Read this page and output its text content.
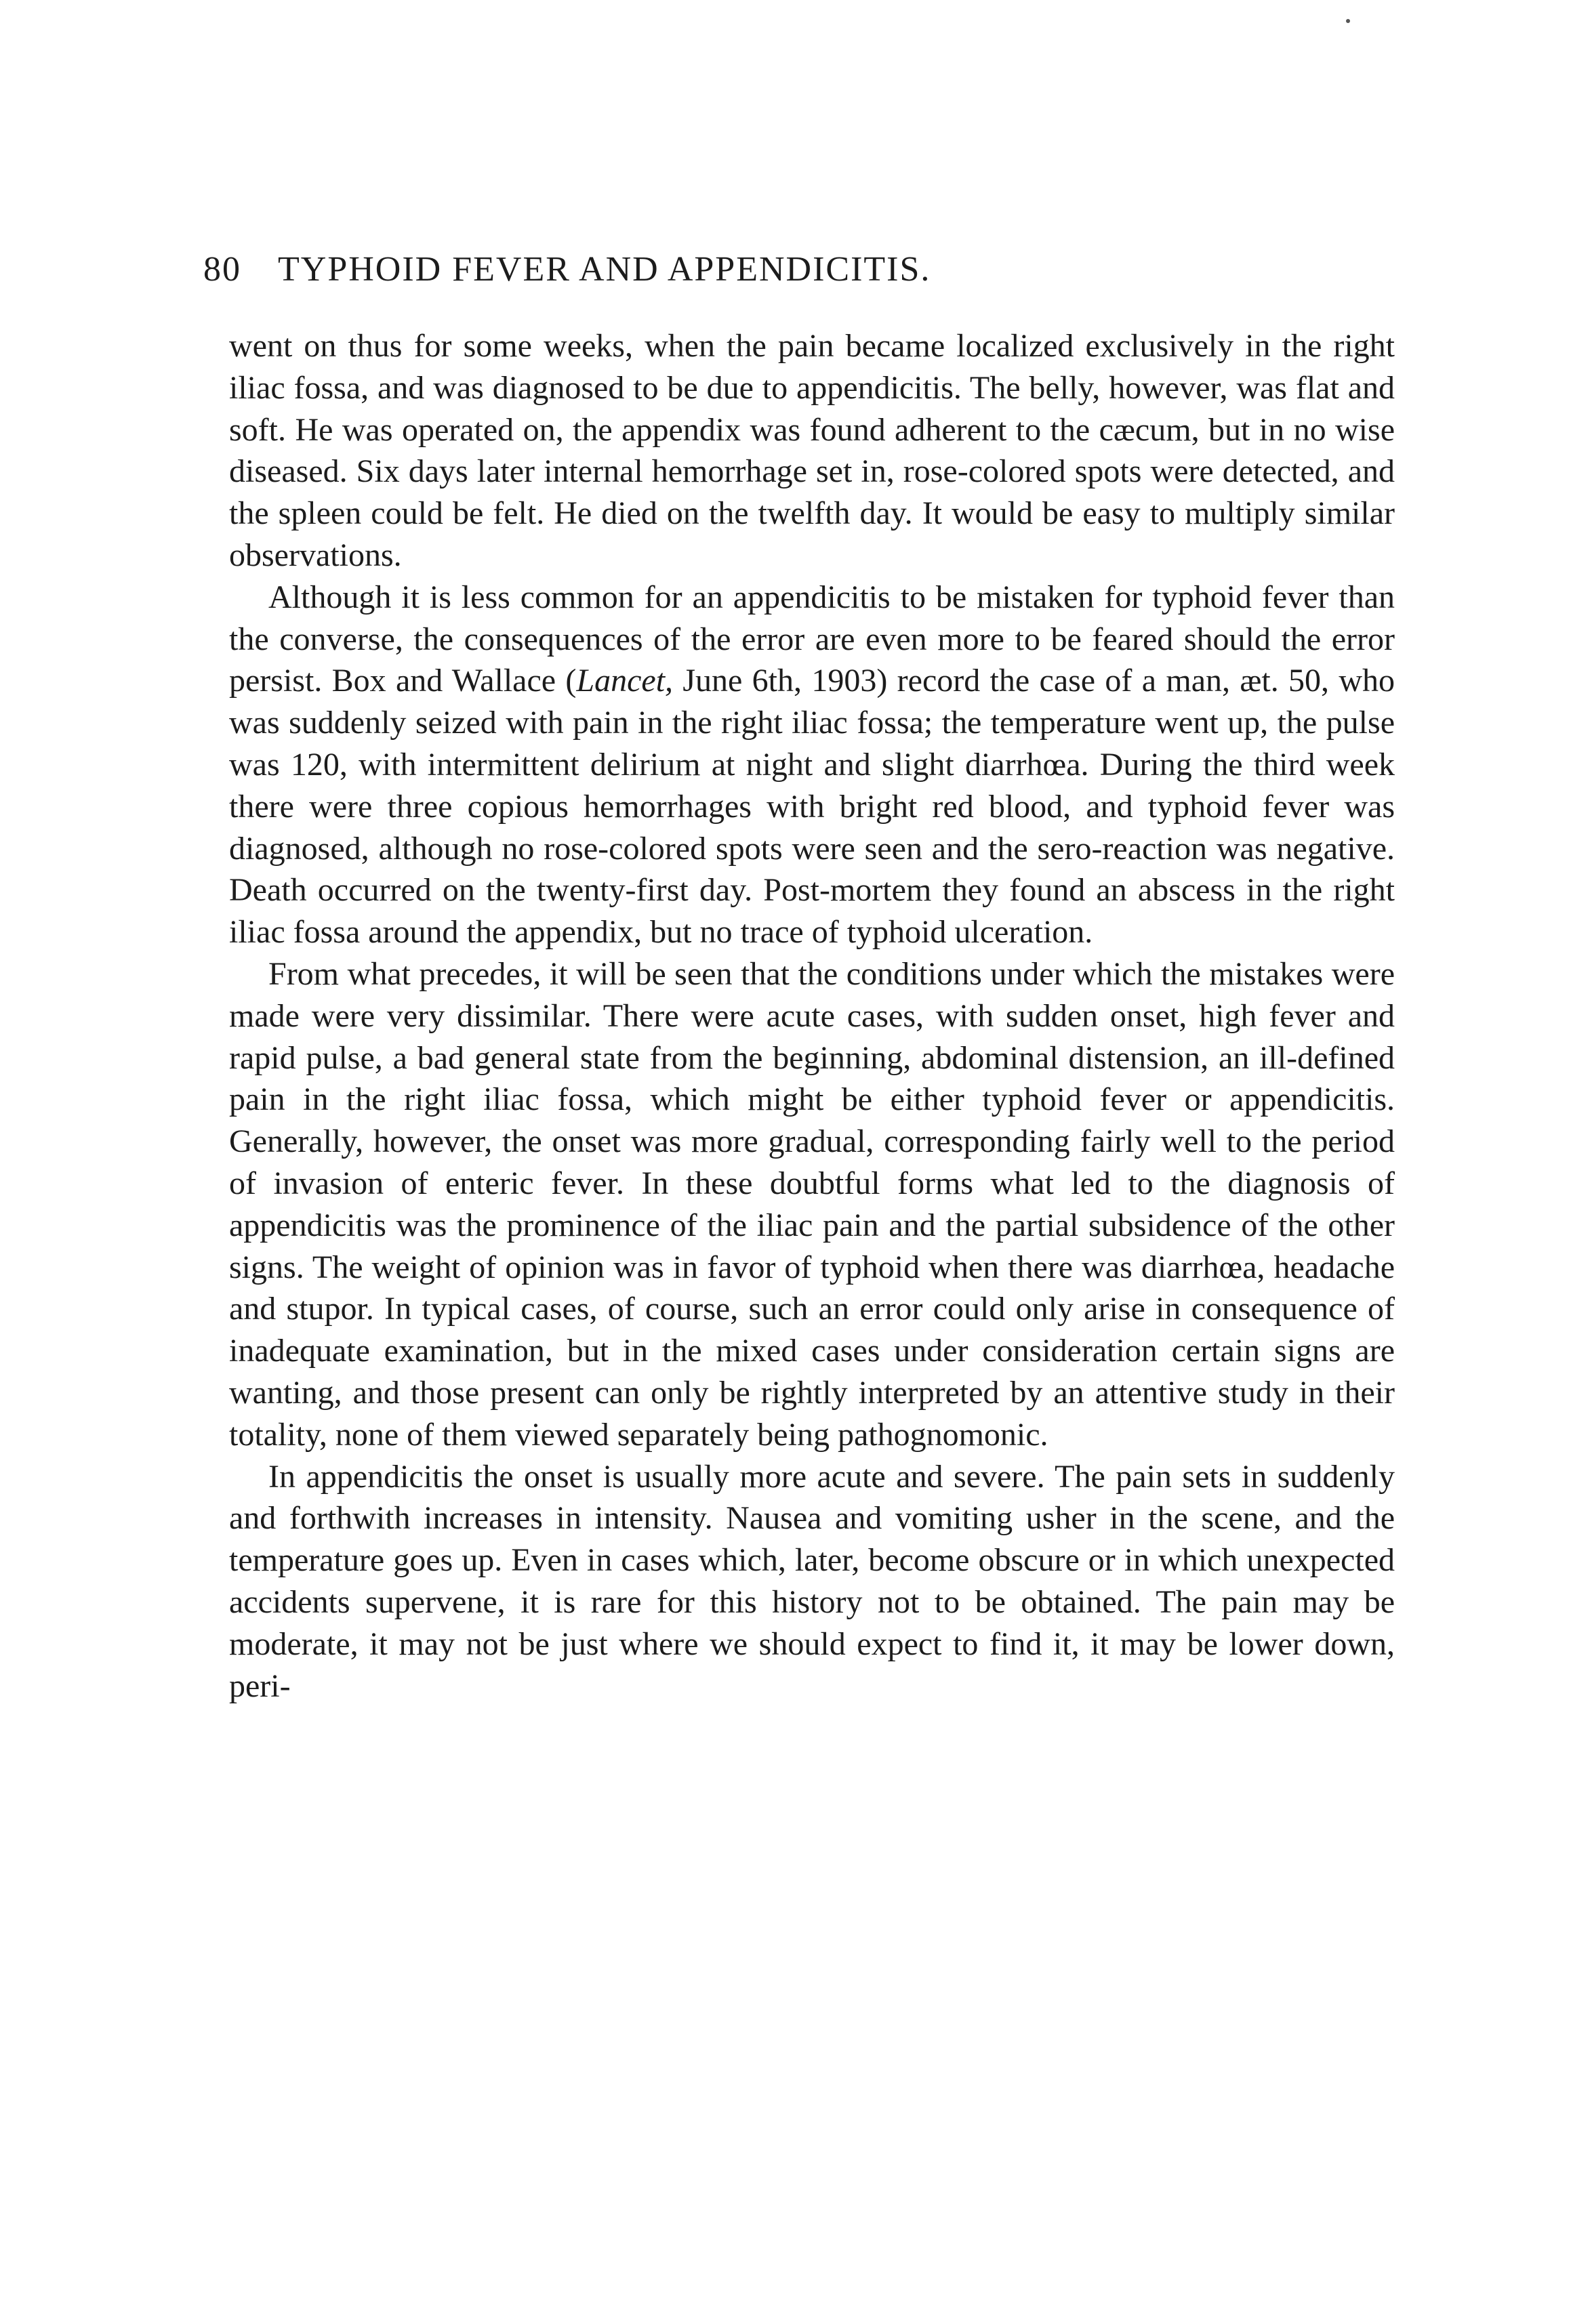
80 TYPHOID FEVER AND APPENDICITIS.

went on thus for some weeks, when the pain became localized exclusively in the right iliac fossa, and was diagnosed to be due to appendicitis. The belly, however, was flat and soft. He was operated on, the appendix was found adherent to the cæcum, but in no wise diseased. Six days later internal hemorrhage set in, rose-colored spots were detected, and the spleen could be felt. He died on the twelfth day. It would be easy to multiply similar observations.

Although it is less common for an appendicitis to be mistaken for typhoid fever than the converse, the consequences of the error are even more to be feared should the error persist. Box and Wallace (Lancet, June 6th, 1903) record the case of a man, æt. 50, who was suddenly seized with pain in the right iliac fossa; the temperature went up, the pulse was 120, with intermittent delirium at night and slight diarrhœa. During the third week there were three copious hemorrhages with bright red blood, and typhoid fever was diagnosed, although no rose-colored spots were seen and the sero-reaction was negative. Death occurred on the twenty-first day. Post-mortem they found an abscess in the right iliac fossa around the appendix, but no trace of typhoid ulceration.

From what precedes, it will be seen that the conditions under which the mistakes were made were very dissimilar. There were acute cases, with sudden onset, high fever and rapid pulse, a bad general state from the beginning, abdominal distension, an ill-defined pain in the right iliac fossa, which might be either typhoid fever or appendicitis. Generally, however, the onset was more gradual, corresponding fairly well to the period of invasion of enteric fever. In these doubtful forms what led to the diagnosis of appendicitis was the prominence of the iliac pain and the partial subsidence of the other signs. The weight of opinion was in favor of typhoid when there was diarrhœa, headache and stupor. In typical cases, of course, such an error could only arise in consequence of inadequate examination, but in the mixed cases under consideration certain signs are wanting, and those present can only be rightly interpreted by an attentive study in their totality, none of them viewed separately being pathognomonic.

In appendicitis the onset is usually more acute and severe. The pain sets in suddenly and forthwith increases in intensity. Nausea and vomiting usher in the scene, and the temperature goes up. Even in cases which, later, become obscure or in which unexpected accidents supervene, it is rare for this history not to be obtained. The pain may be moderate, it may not be just where we should expect to find it, it may be lower down, peri-
